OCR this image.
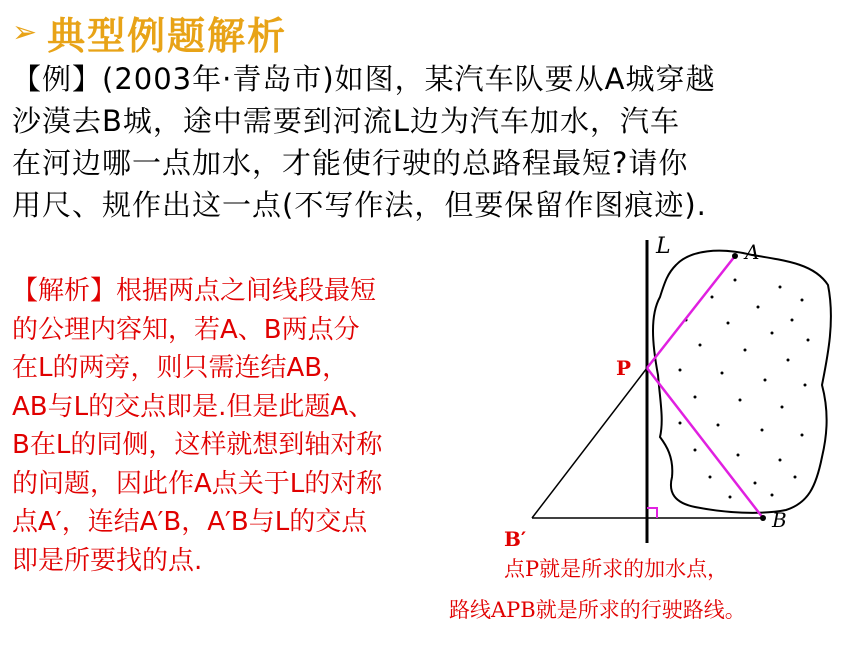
➢ 典型例题解析
【例】(2003年·青岛市)如图，某汽车队要从A城穿越
沙漠去B城，途中需要到河流L边为汽车加水，汽车
在河边哪一点加水，才能使行驶的总路程最短?请你
用尺、规作出这一点(不写作法，但要保留作图痕迹).
【解析】根据两点之间线段最短
的公理内容知，若A、B两点分
在L的两旁，则只需连结AB，
AB与L的交点即是.但是此题A、
B在L的同侧，这样就想到轴对称
的问题，因此作A点关于L的对称
点A′，连结A′B，A′B与L的交点
即是所要找的点.
L	A
B
P
B′
点P就是所求的加水点，
路线APB就是所求的行驶路线。
